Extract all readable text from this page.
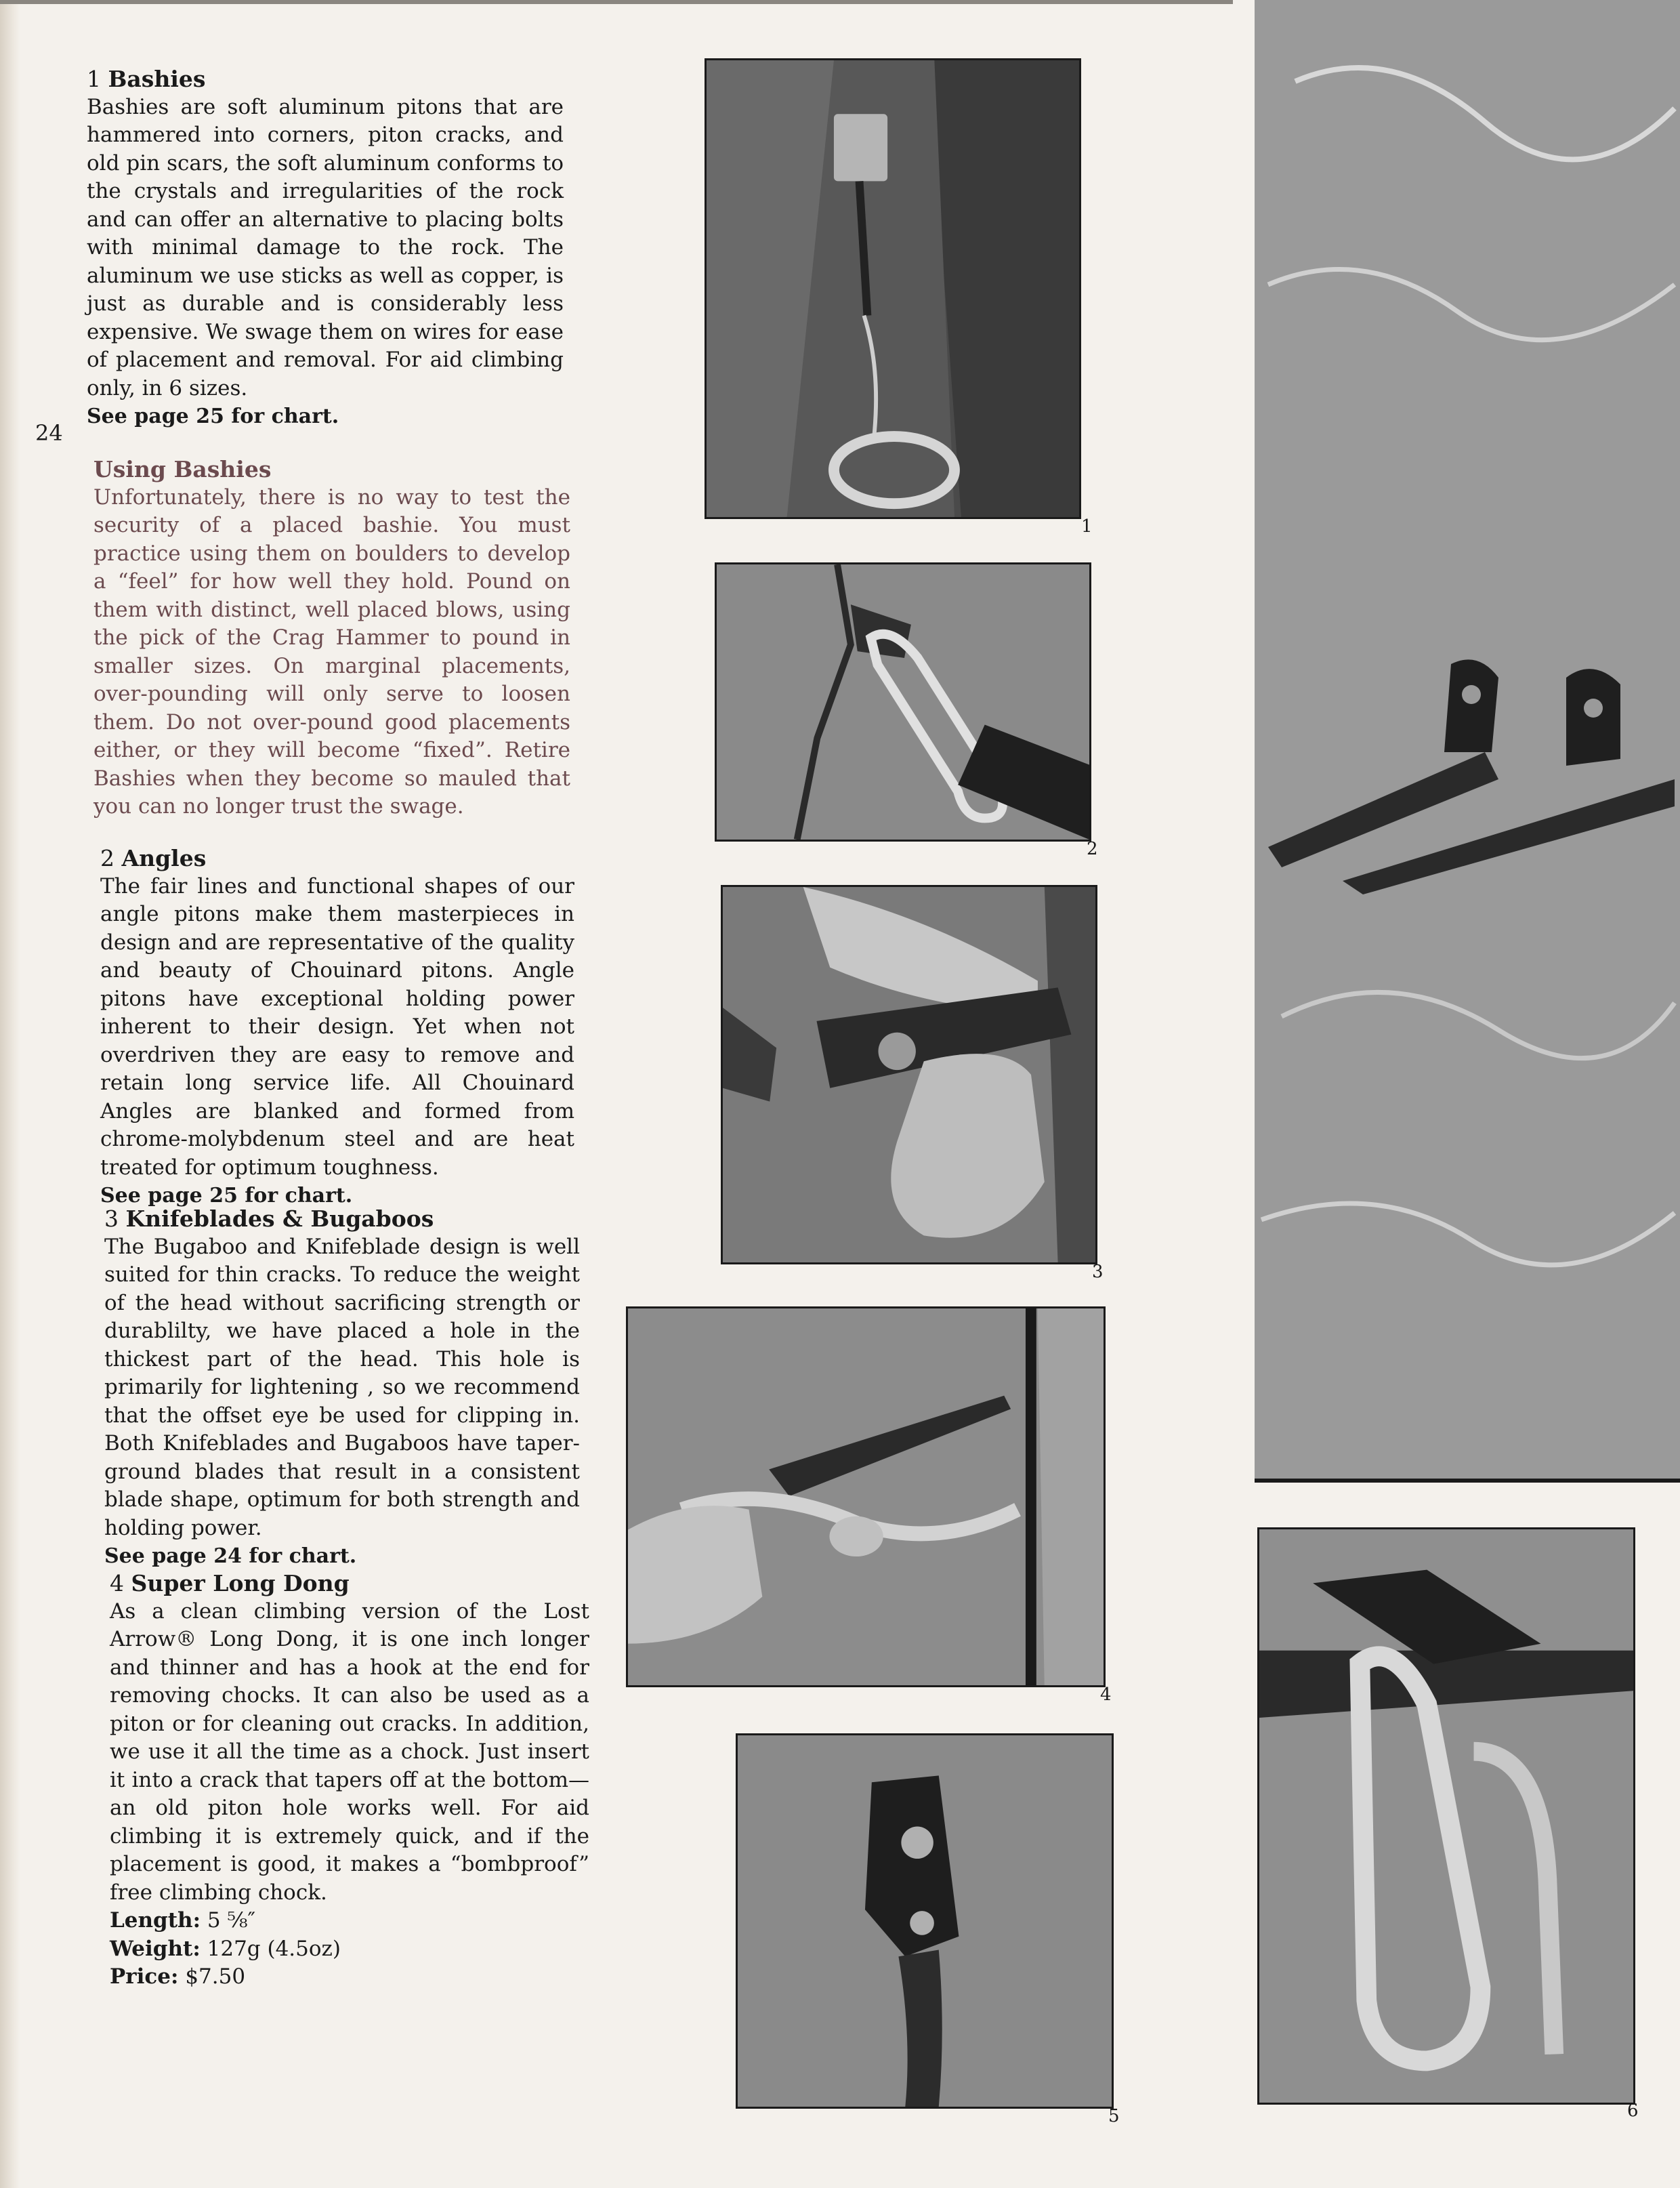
24
1 Bashies

Bashies are soft aluminum pitons that are hammered into corners, piton cracks, and old pin scars, the soft aluminum conforms to the crystals and irregularities of the rock and can offer an alternative to placing bolts with minimal damage to the rock. The aluminum we use sticks as well as copper, is just as durable and is considerably less expensive. We swage them on wires for ease of placement and removal. For aid climbing only, in 6 sizes.

See page 25 for chart.
Using Bashies

Unfortunately, there is no way to test the security of a placed bashie. You must practice using them on boulders to develop a “feel” for how well they hold. Pound on them with distinct, well placed blows, using the pick of the Crag Hammer to pound in smaller sizes. On marginal placements, over-pounding will only serve to loosen them. Do not over-pound good placements either, or they will become “fixed”. Retire Bashies when they become so mauled that you can no longer trust the swage.

2 Angles

The fair lines and functional shapes of our angle pitons make them masterpieces in design and are representative of the quality and beauty of Chouinard pitons. Angle pitons have exceptional holding power inherent to their design. Yet when not overdriven they are easy to remove and retain long service life. All Chouinard Angles are blanked and formed from chrome-molybdenum steel and are heat treated for optimum toughness.

See page 25 for chart.
3 Knifeblades & Bugaboos

The Bugaboo and Knifeblade design is well suited for thin cracks. To reduce the weight of the head without sacrificing strength or durablilty, we have placed a hole in the thickest part of the head. This hole is primarily for lightening , so we recommend that the offset eye be used for clipping in. Both Knifeblades and Bugaboos have taper-ground blades that result in a consistent blade shape, optimum for both strength and holding power.

See page 24 for chart.
4 Super Long Dong

As a clean climbing version of the Lost Arrow® Long Dong, it is one inch longer and thinner and has a hook at the end for removing chocks. It can also be used as a piton or for cleaning out cracks. In addition, we use it all the time as a chock. Just insert it into a crack that tapers off at the bottom—an old piton hole works well. For aid climbing it is extremely quick, and if the placement is good, it makes a “bombproof” free climbing chock.

Length: 5 ⅝″
Weight: 127g (4.5oz)
Price: $7.50
1
2
3
4
5	6
